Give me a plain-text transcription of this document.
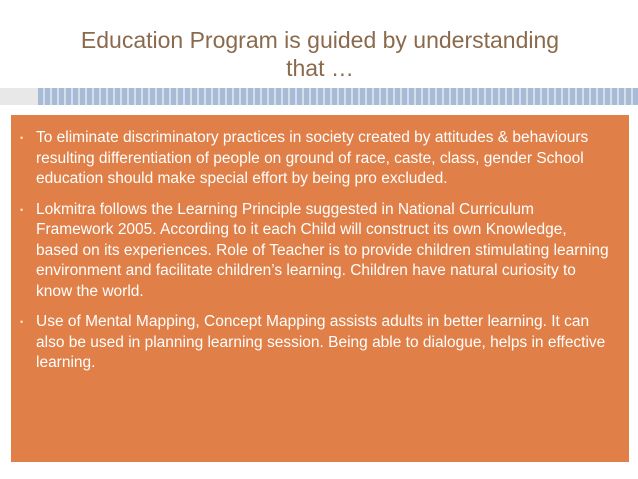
Education Program is guided by understanding
that …
• To eliminate discriminatory practices in society created by attitudes & behaviours resulting differentiation of people on ground of race, caste, class, gender School education should make special effort by being pro excluded.
• Lokmitra follows the Learning Principle suggested in National Curriculum Framework 2005. According to it each Child will construct its own Knowledge, based on its experiences. Role of Teacher is to provide children stimulating learning environment and facilitate children’s learning. Children have natural curiosity to know the world.
• Use of Mental Mapping, Concept Mapping assists adults in better learning. It can also be used in planning learning session. Being able to dialogue, helps in effective learning.
